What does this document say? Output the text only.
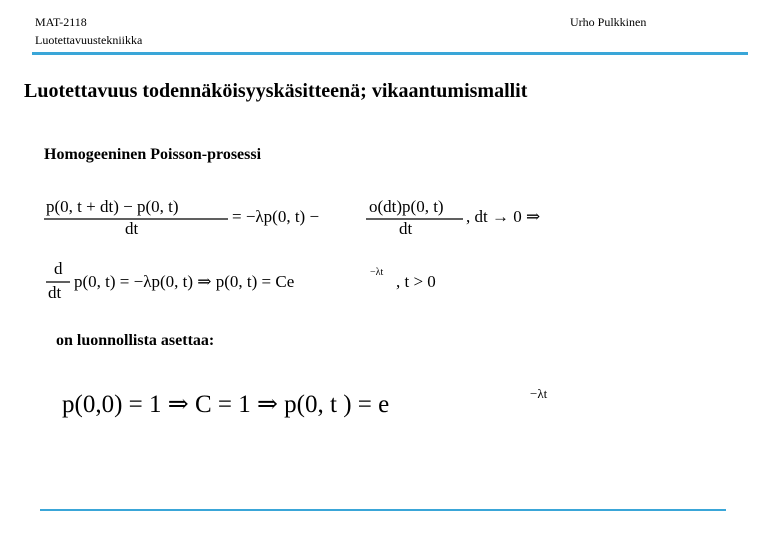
MAT-2118
Luotettavuustekniikka
Urho Pulkkinen
Luotettavuus todennäköisyyskäsitteenä; vikaantumismallit
Homogeeninen Poisson-prosessi
p(0, t + dt) − p(0, t)
dt
= −λp(0, t) −
o(dt)p(0, t)
dt
, dt → 0 ⇒
d
dt
p(0, t) = −λp(0, t) ⇒ p(0, t) = Ce	−λt , t > 0
p(0,0) = 1 ⇒ C = 1 ⇒ p(0, t ) = e	−λt
on luonnollista asettaa:
